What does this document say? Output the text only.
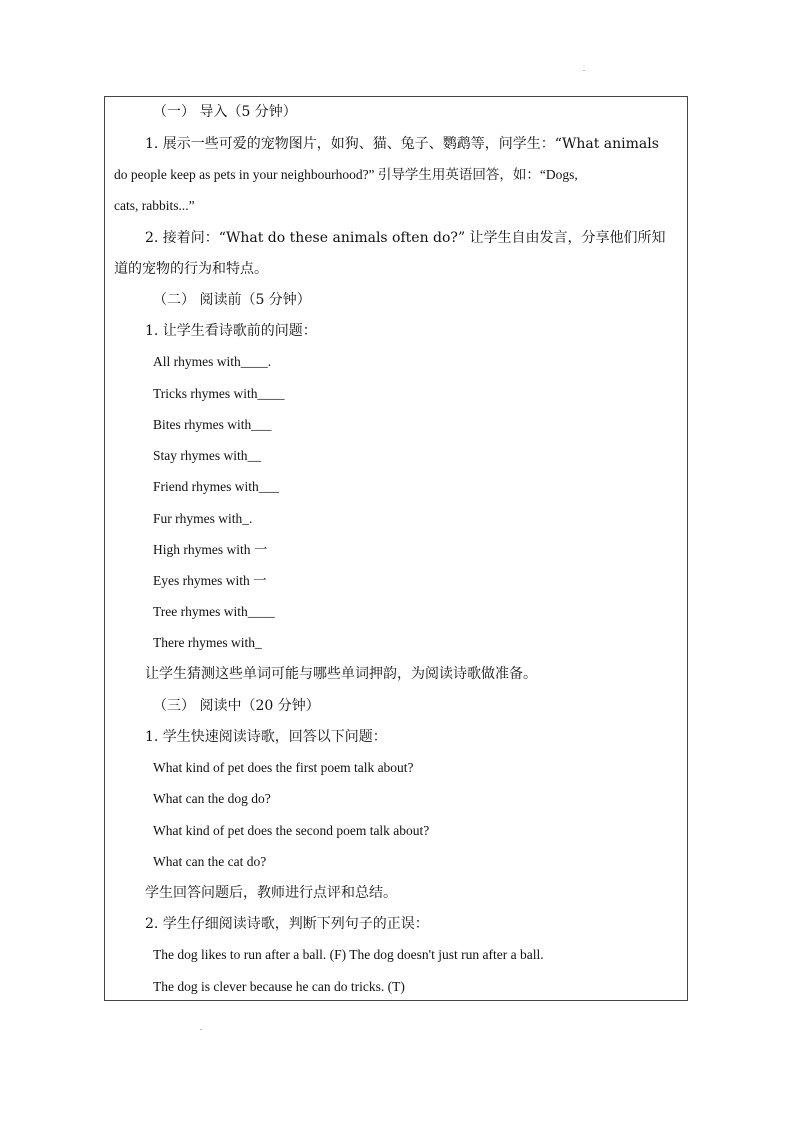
（一） 导入（5 分钟）
1. 展示一些可爱的宠物图片，如狗、猫、兔子、鹦鹉等，问学生：“What animals
do people keep as pets in your neighbourhood?” 引导学生用英语回答，如：“Dogs,
cats, rabbits...”
2. 接着问：“What do these animals often do?” 让学生自由发言，分享他们所知
道的宠物的行为和特点。
（二） 阅读前（5 分钟）
1. 让学生看诗歌前的问题：
All rhymes with____.
Tricks rhymes with____
Bites rhymes with___
Stay rhymes with__
Friend rhymes with___
Fur rhymes with_.
High rhymes with 一
Eyes rhymes with 一
Tree rhymes with____
There rhymes with_
让学生猜测这些单词可能与哪些单词押韵，为阅读诗歌做准备。
（三） 阅读中（20 分钟）
1. 学生快速阅读诗歌，回答以下问题：
What kind of pet does the first poem talk about?
What can the dog do?
What kind of pet does the second poem talk about?
What can the cat do?
学生回答问题后，教师进行点评和总结。
2. 学生仔细阅读诗歌，判断下列句子的正误：
The dog likes to run after a ball. (F) The dog doesn't just run after a ball.
The dog is clever because he can do tricks. (T)
